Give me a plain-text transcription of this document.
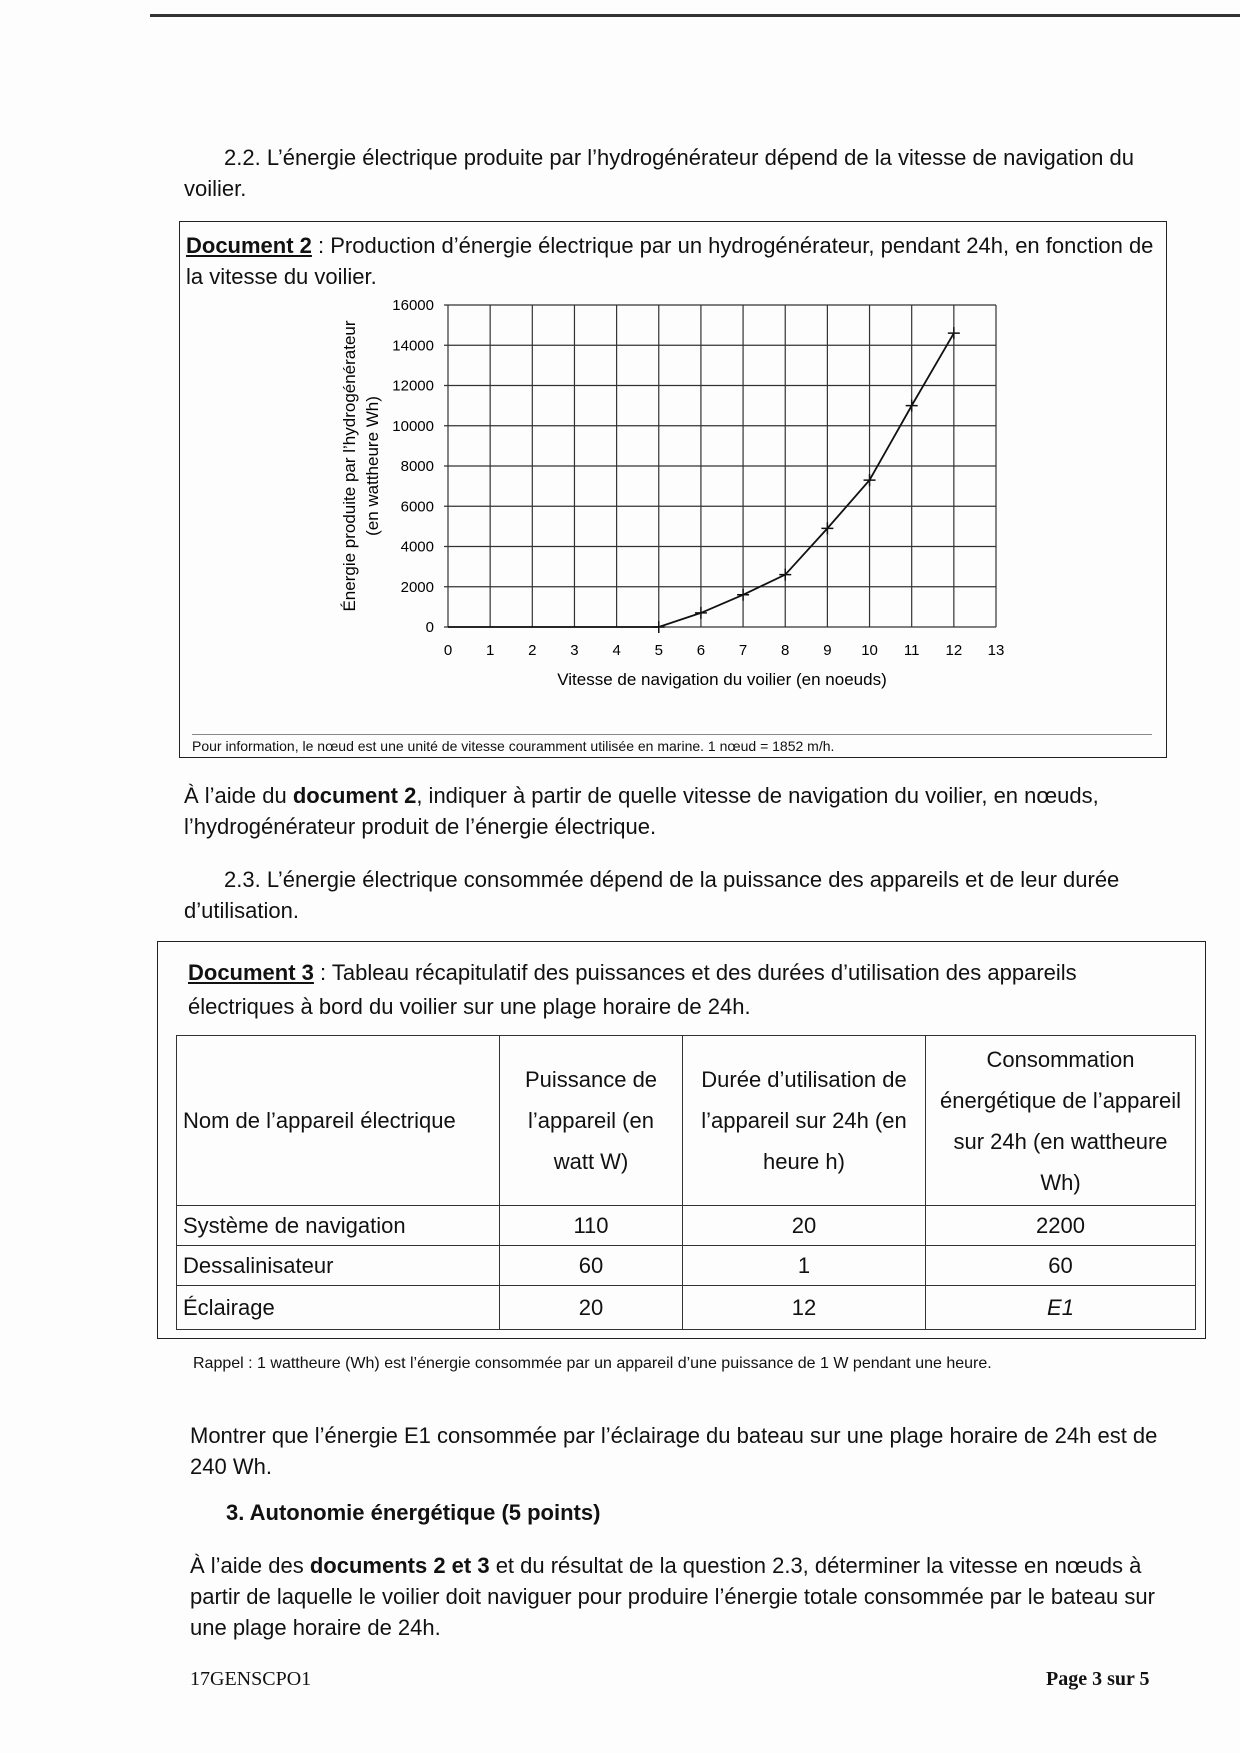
2.2. L’énergie électrique produite par l’hydrogénérateur dépend de la vitesse de navigation du voilier.
Document 2 : Production d’énergie électrique par un hydrogénérateur, pendant 24h, en fonction de la vitesse du voilier.
0 1 2 3 4 5 6 7 8 9 10 11 12 13
0
2000
4000
6000
8000
10000
12000
14000
16000
Vitesse de navigation du voilier (en noeuds)
Énergie produite par l’hydrogénérateur (en wattheure Wh)
Pour information, le nœud est une unité de vitesse couramment utilisée en marine. 1 nœud = 1852 m/h.
À l’aide du document 2, indiquer à partir de quelle vitesse de navigation du voilier, en nœuds, l’hydrogénérateur produit de l’énergie électrique.
2.3. L’énergie électrique consommée dépend de la puissance des appareils et de leur durée d’utilisation.
Document 3 : Tableau récapitulatif des puissances et des durées d’utilisation des appareils électriques à bord du voilier sur une plage horaire de 24h.
Nom de l’appareil électrique	Puissance de l’appareil (en watt W)	Durée d’utilisation de l’appareil sur 24h (en heure h)	Consommation énergétique de l’appareil sur 24h (en wattheure Wh)
Système de navigation	110	20	2200
Dessalinisateur	60	1	60
Éclairage	20	12	E1
Rappel : 1 wattheure (Wh) est l’énergie consommée par un appareil d’une puissance de 1 W pendant une heure.
Montrer que l’énergie E1 consommée par l’éclairage du bateau sur une plage horaire de 24h est de 240 Wh.
3. Autonomie énergétique (5 points)
À l’aide des documents 2 et 3 et du résultat de la question 2.3, déterminer la vitesse en nœuds à partir de laquelle le voilier doit naviguer pour produire l’énergie totale consommée par le bateau sur une plage horaire de 24h.
17GENSCPO1	Page 3 sur 5
